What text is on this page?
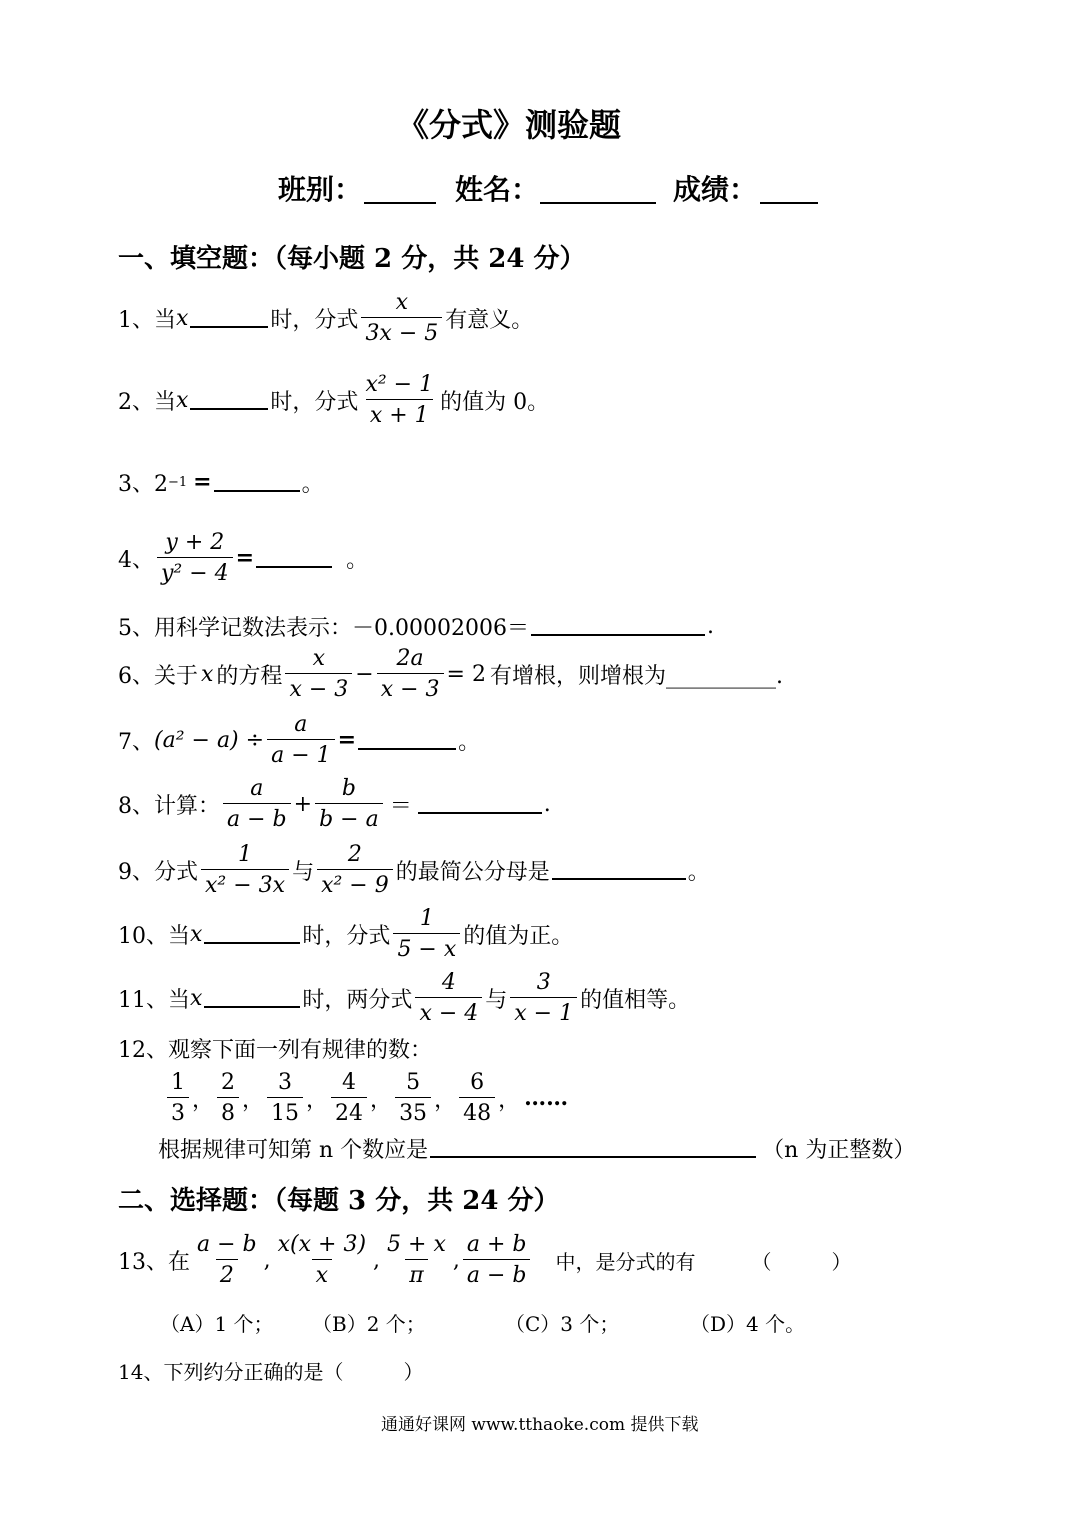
《分式》测验题
班别：	姓名：	成绩：
一、填空题：（每小题 2 分，共 24 分）
1、当 x	时，分式 $\frac{x}{3x - 5}$ 有意义。
2、当 x	时，分式 $\frac{\text{x² − 1}}{x + 1}$ 的值为 0。
3、2 −1 =	。
4、 $\frac{y + 2}{\text{y² − 4}}$ =	。
5、用科学记数法表示：－0.00002006＝	.
6、关于 x 的方程 $\frac{x}{x - 3} - \frac{2a}{x - 3} = 2$ 有增根，则增根为__________.
7、 $(a^2 - a) \div \frac{a}{a - 1}$ =	。
8、计算： $\frac{a}{a - b} + \frac{b}{b - a}$ ＝	.
9、分式 $\frac{1}{\text{x² − 3x}}$ 与 $\frac{2}{\text{x² − 9}}$ 的最简公分母是	。
10、当 x	时，分式 $\frac{1}{5 - x}$ 的值为正。
11、当 x	时，两分式 $\frac{4}{x - 4}$ 与 $\frac{3}{x - 1}$ 的值相等。
12、观察下面一列有规律的数：
$\frac{1}{3}$ ， $\frac{2}{8}$ ， $\frac{3}{15}$ ， $\frac{4}{24}$ ， $\frac{5}{35}$ ， $\frac{6}{48}$ ， ……
根据规律可知第 n 个数应是	（n 为正整数）
二、选择题：（每题 3 分，共 24 分）
13、在 $\frac{a - b}{2}$ , $\frac{x(x + 3)}{x}$ , $\frac{5 + x}{\pi}$ , $\frac{a + b}{a - b}$ 中，是分式的有	（　　　）
（A）1 个； （B）2 个；	（C）3 个；	（D）4 个。
14、下列约分正确的是（　　　）
通通好课网 www.tthaoke.com 提供下载
